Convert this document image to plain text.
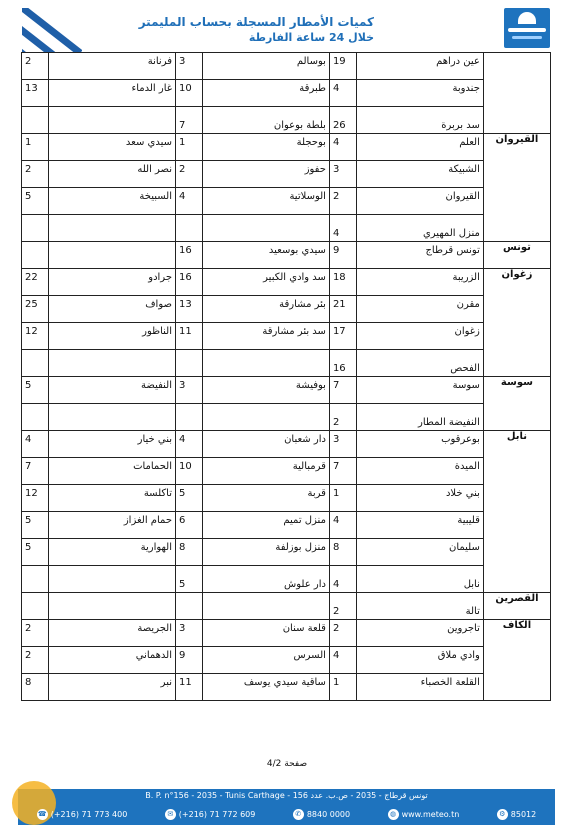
كميات الأمطار المسجلة بحساب المليمتر
خلال 24 ساعة الفارطة

	عين دراهم	19	بوسالم	3	فرنانة	2

	جندوبة	4	طبرقة	10	غار الدماء	13

	سد بربرة	26	بلطة بوعوان	7		

القيروان	العلم	4	بوحجلة	1	سيدي سعد	1

	الشبيكة	3	حفوز	2	نصر الله	2

	القيروان	2	الوسلاتية	4	السبيخة	5

	منزل المهيري	4				

تونس	تونس قرطاج	9	سيدي بوسعيد	16		

زغوان	الزريبة	18	سد وادي الكبير	16	جرادو	22

	مقرن	21	بئر مشارقة	13	صواف	25

	زغوان	17	سد بئر مشارقة	11	الناظور	12

	الفحص	16				

سوسة	سوسة	7	بوفيشة	3	النفيضة	5

	النفيضة المطار	2				

نابل	بوعرقوب	3	دار شعبان	4	بني خيار	4

	الميدة	7	قرمبالية	10	الحمامات	7

	بني خلاد	1	قربة	5	تاكلسة	12

	قليبية	4	منزل تميم	6	حمام الغزاز	5

	سليمان	8	منزل بوزلفة	8	الهوارية	5

	نابل	4	دار علوش	5		

القصرين	تالة	2				

الكاف	تاجروين	2	قلعة سنان	3	الجريصة	2

	وادي ملاق	4	السرس	9	الدهماني	2

	القلعة الخصباء	1	ساقية سيدي يوسف	11	نبر	8
صفحة 4/2
B. P. n°156 - 2035 - Tunis Carthage - تونس قرطاج - 2035 - ص.ب. عدد 156
☎ (+216) 71 773 400	✉ (+216) 71 772 609	✆ 8840 0000	◍ www.meteo.tn	⚙ 85012
